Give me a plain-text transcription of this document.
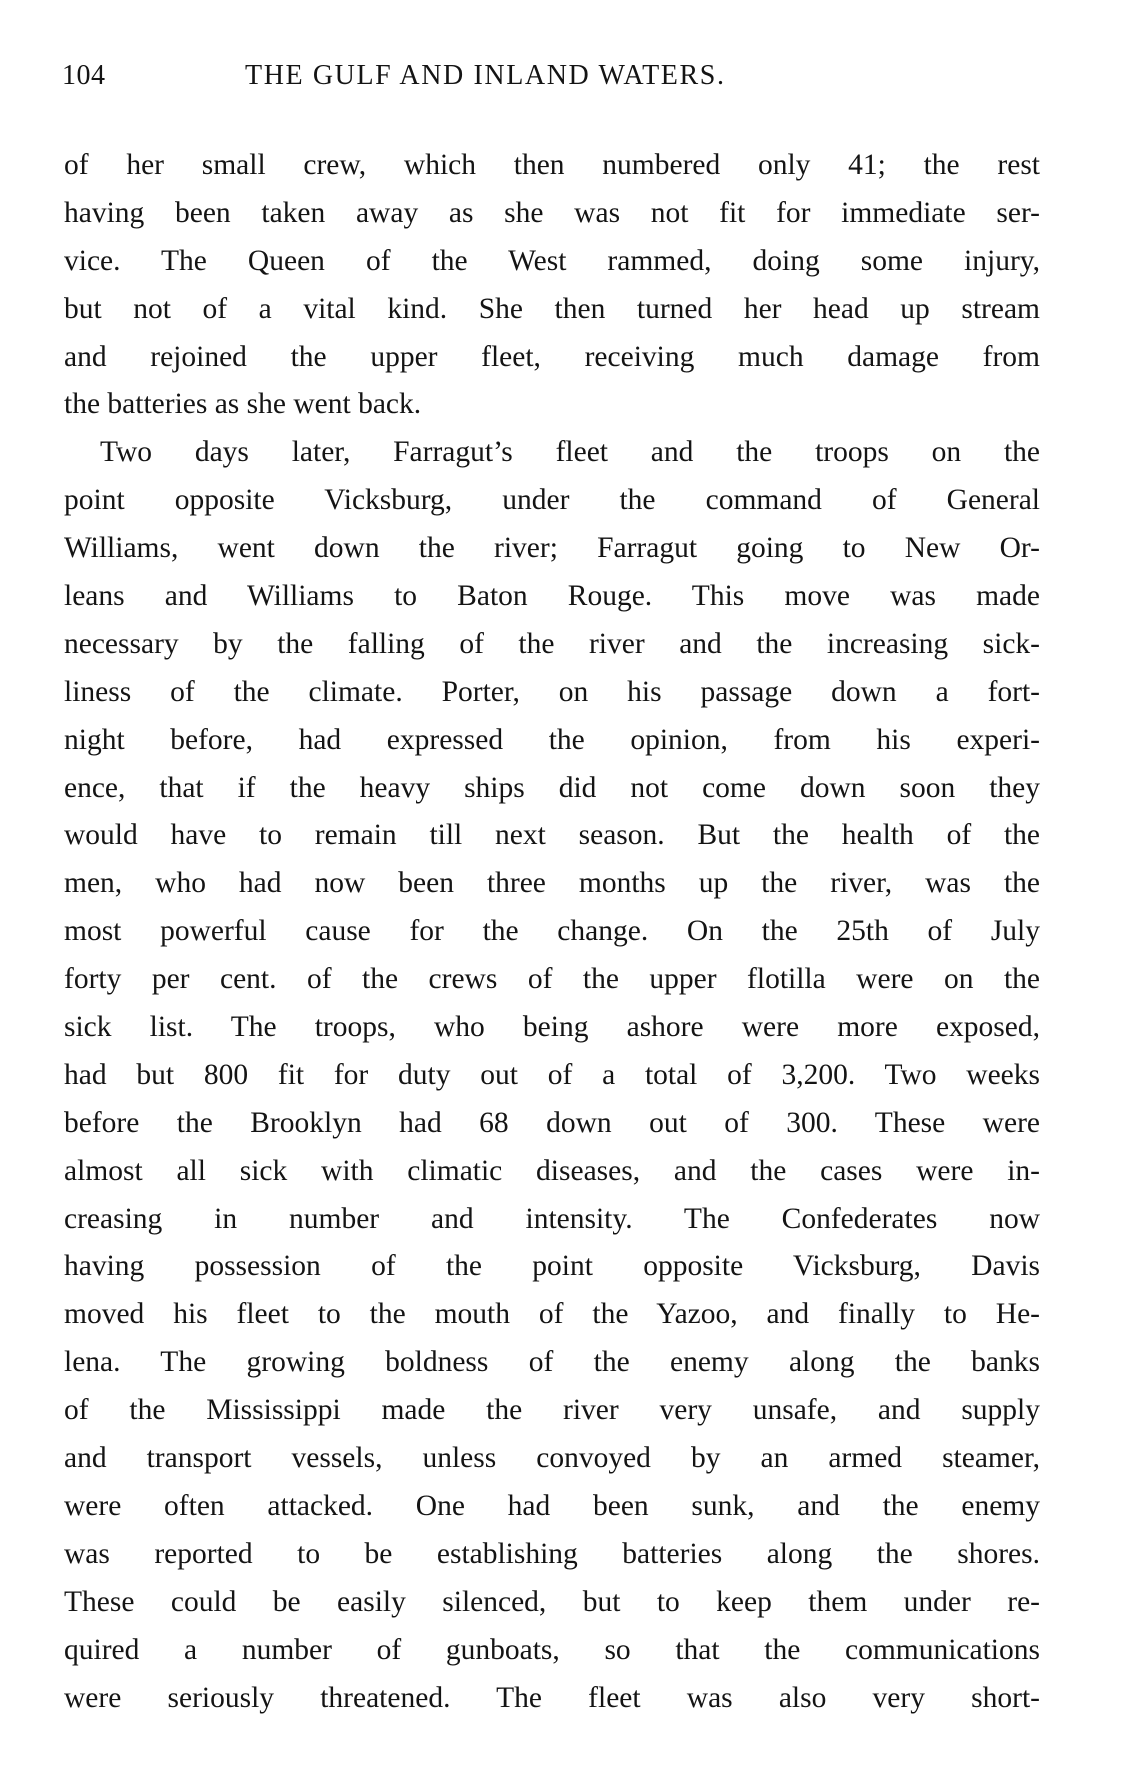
104	THE GULF AND INLAND WATERS.
of her small crew, which then numbered only 41; the rest
having been taken away as she was not fit for immediate ser-
vice. The Queen of the West rammed, doing some injury,
but not of a vital kind. She then turned her head up stream
and rejoined the upper fleet, receiving much damage from
the batteries as she went back.
Two days later, Farragut’s fleet and the troops on the
point opposite Vicksburg, under the command of General
Williams, went down the river; Farragut going to New Or-
leans and Williams to Baton Rouge. This move was made
necessary by the falling of the river and the increasing sick-
liness of the climate. Porter, on his passage down a fort-
night before, had expressed the opinion, from his experi-
ence, that if the heavy ships did not come down soon they
would have to remain till next season. But the health of the
men, who had now been three months up the river, was the
most powerful cause for the change. On the 25th of July
forty per cent. of the crews of the upper flotilla were on the
sick list. The troops, who being ashore were more exposed,
had but 800 fit for duty out of a total of 3,200. Two weeks
before the Brooklyn had 68 down out of 300. These were
almost all sick with climatic diseases, and the cases were in-
creasing in number and intensity. The Confederates now
having possession of the point opposite Vicksburg, Davis
moved his fleet to the mouth of the Yazoo, and finally to He-
lena. The growing boldness of the enemy along the banks
of the Mississippi made the river very unsafe, and supply
and transport vessels, unless convoyed by an armed steamer,
were often attacked. One had been sunk, and the enemy
was reported to be establishing batteries along the shores.
These could be easily silenced, but to keep them under re-
quired a number of gunboats, so that the communications
were seriously threatened. The fleet was also very short-
